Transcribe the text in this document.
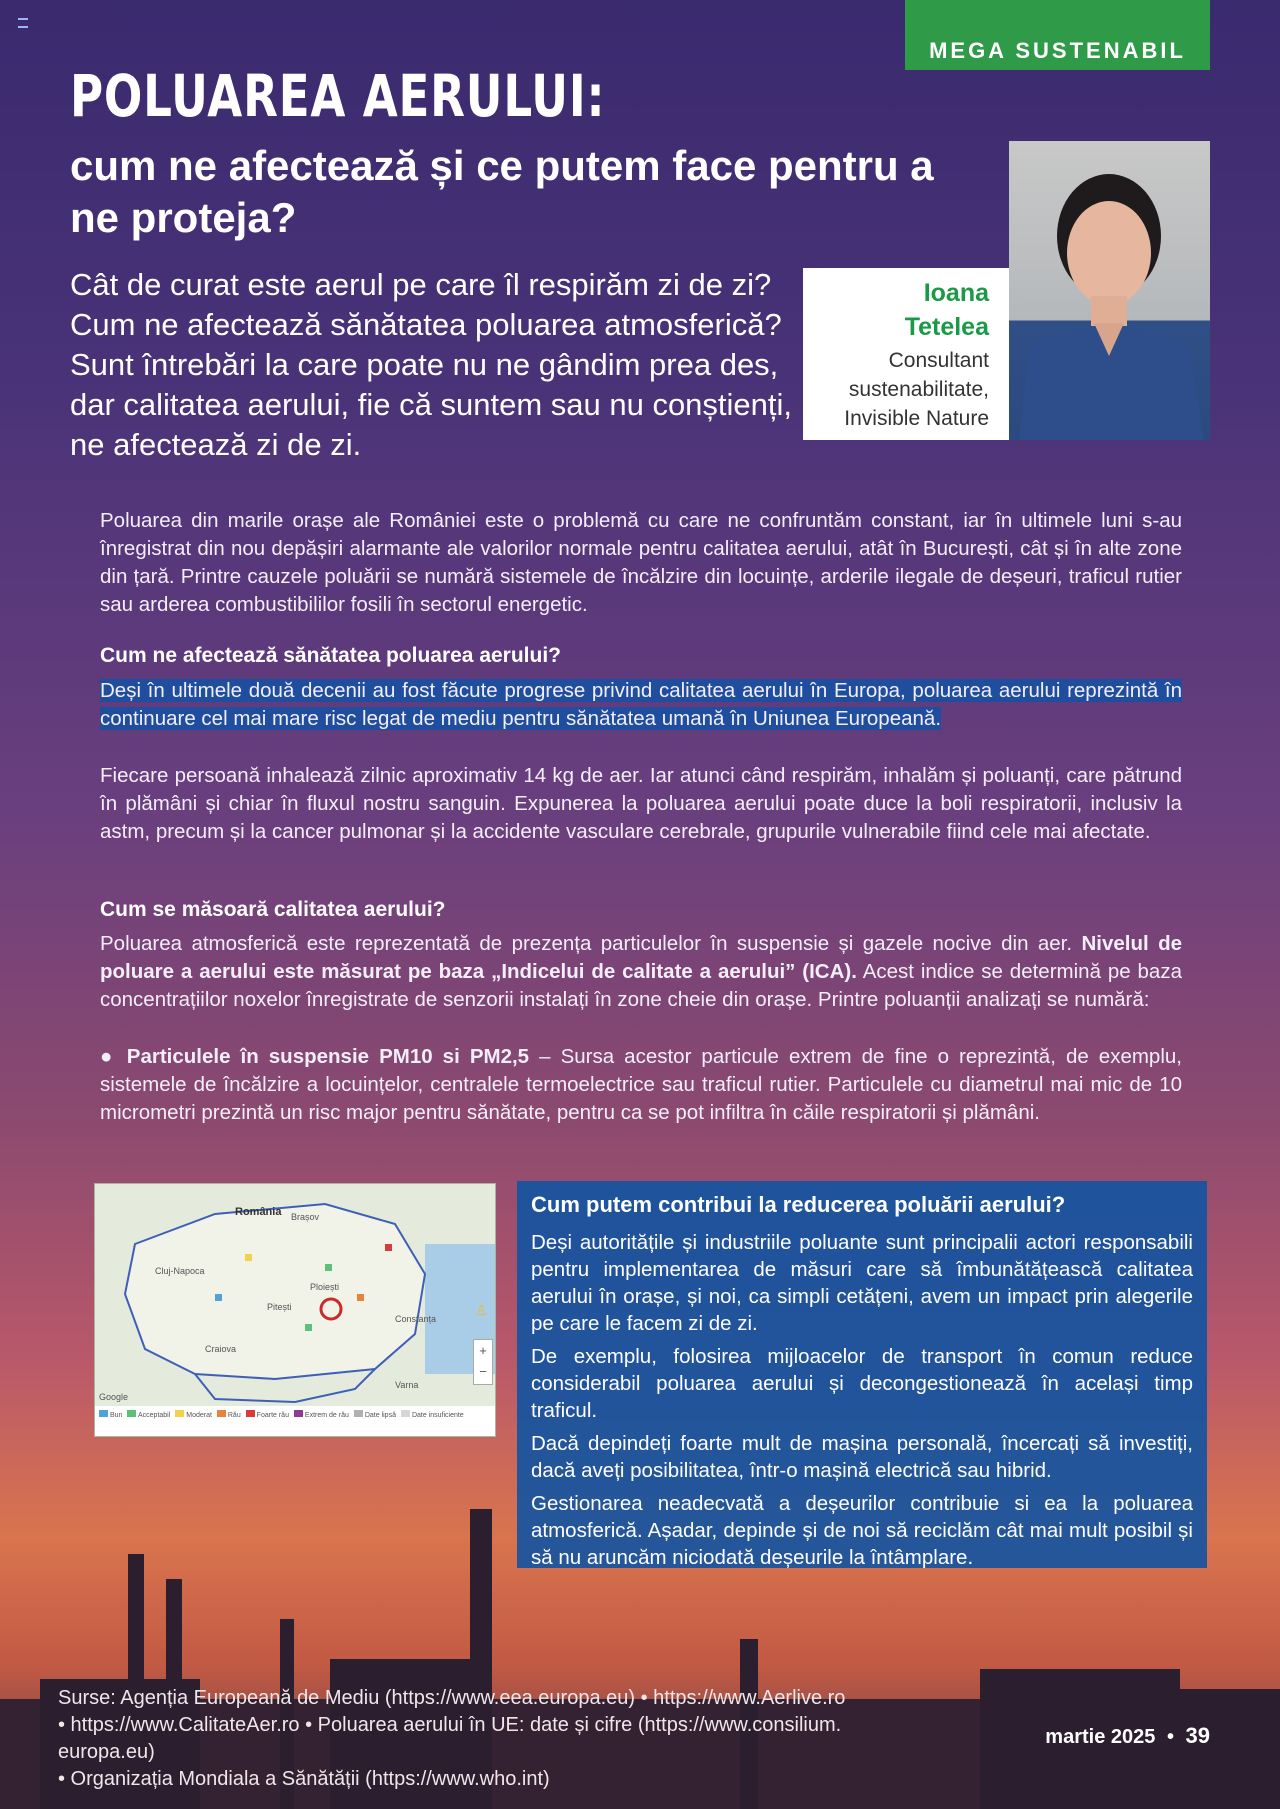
MEGA SUSTENABIL
POLUAREA AERULUI:
cum ne afectează și ce putem face pentru a ne proteja?
Cât de curat este aerul pe care îl respirăm zi de zi? Cum ne afectează sănătatea poluarea atmosferică? Sunt întrebări la care poate nu ne gândim prea des, dar calitatea aerului, fie că suntem sau nu conștienți, ne afectează zi de zi.
Ioana
Tetelea
Consultant sustenabilitate, Invisible Nature
Poluarea din marile orașe ale României este o problemă cu care ne confruntăm constant, iar în ultimele luni s-au înregistrat din nou depășiri alarmante ale valorilor normale pentru calitatea aerului, atât în București, cât și în alte zone din țară. Printre cauzele poluării se numără sistemele de încălzire din locuințe, arderile ilegale de deșeuri, traficul rutier sau arderea combustibililor fosili în sectorul energetic.
Cum ne afectează sănătatea poluarea aerului?
Deși în ultimele două decenii au fost făcute progrese privind calitatea aerului în Europa, poluarea aerului reprezintă în continuare cel mai mare risc legat de mediu pentru sănătatea umană în Uniunea Europeană.
Fiecare persoană inhalează zilnic aproximativ 14 kg de aer. Iar atunci când respirăm, inhalăm și poluanți, care pătrund în plămâni și chiar în fluxul nostru sanguin. Expunerea la poluarea aerului poate duce la boli respiratorii, inclusiv la astm, precum și la cancer pulmonar și la accidente vasculare cerebrale, grupurile vulnerabile fiind cele mai afectate.
Cum se măsoară calitatea aerului?
Poluarea atmosferică este reprezentată de prezența particulelor în suspensie și gazele nocive din aer. Nivelul de poluare a aerului este măsurat pe baza „Indicelui de calitate a aerului” (ICA). Acest indice se determină pe baza concentrațiilor noxelor înregistrate de senzorii instalați în zone cheie din orașe. Printre poluanții analizați se numără:
● Particulele în suspensie PM10 si PM2,5 – Sursa acestor particule extrem de fine o reprezintă, de exemplu, sistemele de încălzire a locuințelor, centralele termoelectrice sau traficul rutier. Particulele cu diametrul mai mic de 10 micrometri prezintă un risc major pentru sănătate, pentru ca se pot infiltra în căile respiratorii și plămâni.
România Brașov
Cluj-Napoca
Pitești
Ploiești
Craiova
Constanța
Varna
+
−
♙
Google
Bun	Acceptabil	Moderat	Rău	Foarte rău	Extrem de rău	Date lipsă	Date insuficiente
Cum putem contribui la reducerea poluării aerului?
Deși autoritățile și industriile poluante sunt principalii actori responsabili pentru implementarea de măsuri care să îmbunătățească calitatea aerului în orașe, și noi, ca simpli cetățeni, avem un impact prin alegerile pe care le facem zi de zi.
De exemplu, folosirea mijloacelor de transport în comun reduce considerabil poluarea aerului și decongestionează în același timp traficul.
Dacă depindeți foarte mult de mașina personală, încercați să investiți, dacă aveți posibilitatea, într-o mașină electrică sau hibrid.
Gestionarea neadecvată a deșeurilor contribuie si ea la poluarea atmosferică. Așadar, depinde și de noi să reciclăm cât mai mult posibil și să nu aruncăm niciodată deșeurile la întâmplare.
Surse: Agenția Europeană de Mediu (https://www.eea.europa.eu) • https://www.Aerlive.ro
• https://www.CalitateAer.ro • Poluarea aerului în UE: date și cifre (https://www.consilium.
europa.eu)
• Organizația Mondiala a Sănătății (https://www.who.int)
martie 2025 • 39
